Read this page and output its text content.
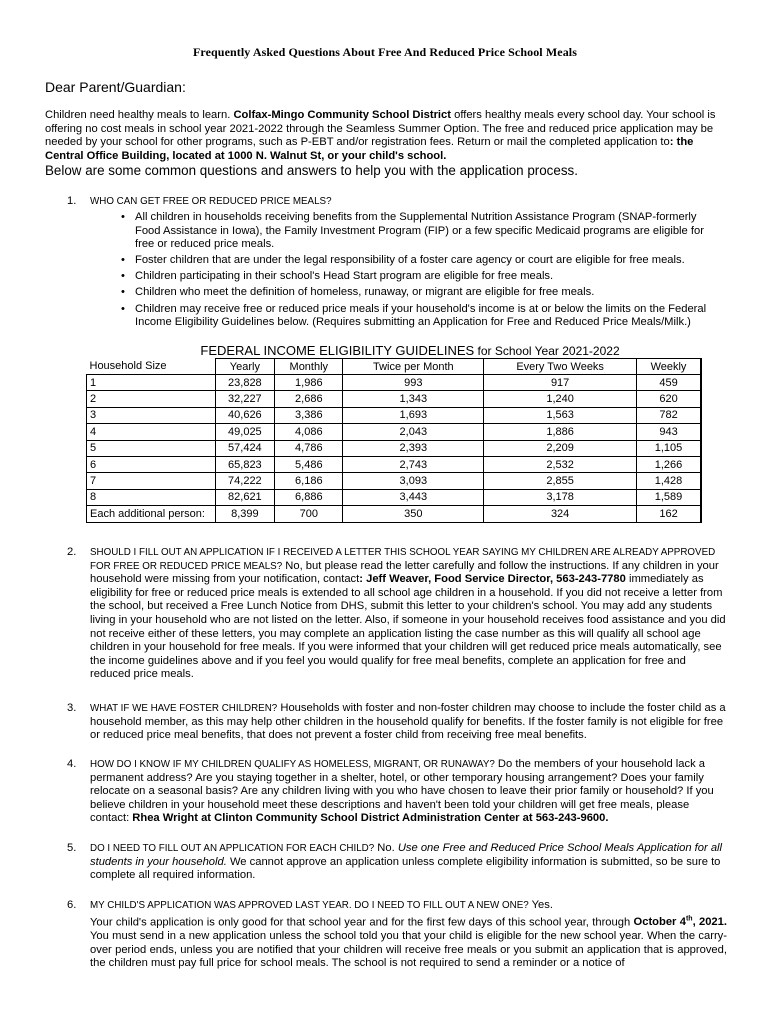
Frequently Asked Questions About Free And Reduced Price School Meals
Dear Parent/Guardian:
Children need healthy meals to learn. Colfax-Mingo Community School District offers healthy meals every school day. Your school is offering no cost meals in school year 2021-2022 through the Seamless Summer Option. The free and reduced price application may be needed by your school for other programs, such as P-EBT and/or registration fees. Return or mail the completed application to: the Central Office Building, located at 1000 N. Walnut St, or your child's school.
Below are some common questions and answers to help you with the application process.
1. WHO CAN GET FREE OR REDUCED PRICE MEALS?
• All children in households receiving benefits from the Supplemental Nutrition Assistance Program (SNAP-formerly Food Assistance in Iowa), the Family Investment Program (FIP) or a few specific Medicaid programs are eligible for free or reduced price meals.
• Foster children that are under the legal responsibility of a foster care agency or court are eligible for free meals.
• Children participating in their school's Head Start program are eligible for free meals.
• Children who meet the definition of homeless, runaway, or migrant are eligible for free meals.
• Children may receive free or reduced price meals if your household's income is at or below the limits on the Federal Income Eligibility Guidelines below. (Requires submitting an Application for Free and Reduced Price Meals/Milk.)
FEDERAL INCOME ELIGIBILITY GUIDELINES for School Year 2021-2022
Household Size	Yearly	Monthly	Twice per Month	Every Two Weeks	Weekly
1	23,828	1,986	993	917	459
2	32,227	2,686	1,343	1,240	620
3	40,626	3,386	1,693	1,563	782
4	49,025	4,086	2,043	1,886	943
5	57,424	4,786	2,393	2,209	1,105
6	65,823	5,486	2,743	2,532	1,266
7	74,222	6,186	3,093	2,855	1,428
8	82,621	6,886	3,443	3,178	1,589
Each additional person:	8,399	700	350	324	162
2. SHOULD I FILL OUT AN APPLICATION IF I RECEIVED A LETTER THIS SCHOOL YEAR SAYING MY CHILDREN ARE ALREADY APPROVED FOR FREE OR REDUCED PRICE MEALS? No, but please read the letter carefully and follow the instructions. If any children in your household were missing from your notification, contact: Jeff Weaver, Food Service Director, 563-243-7780 immediately as eligibility for free or reduced price meals is extended to all school age children in a household. If you did not receive a letter from the school, but received a Free Lunch Notice from DHS, submit this letter to your children's school. You may add any students living in your household who are not listed on the letter. Also, if someone in your household receives food assistance and you did not receive either of these letters, you may complete an application listing the case number as this will qualify all school age children in your household for free meals. If you were informed that your children will get reduced price meals automatically, see the income guidelines above and if you feel you would qualify for free meal benefits, complete an application for free and reduced price meals.
3. WHAT IF WE HAVE FOSTER CHILDREN? Households with foster and non-foster children may choose to include the foster child as a household member, as this may help other children in the household qualify for benefits. If the foster family is not eligible for free or reduced price meal benefits, that does not prevent a foster child from receiving free meal benefits.
4. HOW DO I KNOW IF MY CHILDREN QUALIFY AS HOMELESS, MIGRANT, OR RUNAWAY? Do the members of your household lack a permanent address? Are you staying together in a shelter, hotel, or other temporary housing arrangement? Does your family relocate on a seasonal basis? Are any children living with you who have chosen to leave their prior family or household? If you believe children in your household meet these descriptions and haven't been told your children will get free meals, please contact: Rhea Wright at Clinton Community School District Administration Center at 563-243-9600.
5. DO I NEED TO FILL OUT AN APPLICATION FOR EACH CHILD? No. Use one Free and Reduced Price School Meals Application for all students in your household. We cannot approve an application unless complete eligibility information is submitted, so be sure to complete all required information.
6. MY CHILD'S APPLICATION WAS APPROVED LAST YEAR. DO I NEED TO FILL OUT A NEW ONE? Yes.
Your child's application is only good for that school year and for the first few days of this school year, through October 4th, 2021. You must send in a new application unless the school told you that your child is eligible for the new school year. When the carry-over period ends, unless you are notified that your children will receive free meals or you submit an application that is approved, the children must pay full price for school meals. The school is not required to send a reminder or a notice of
